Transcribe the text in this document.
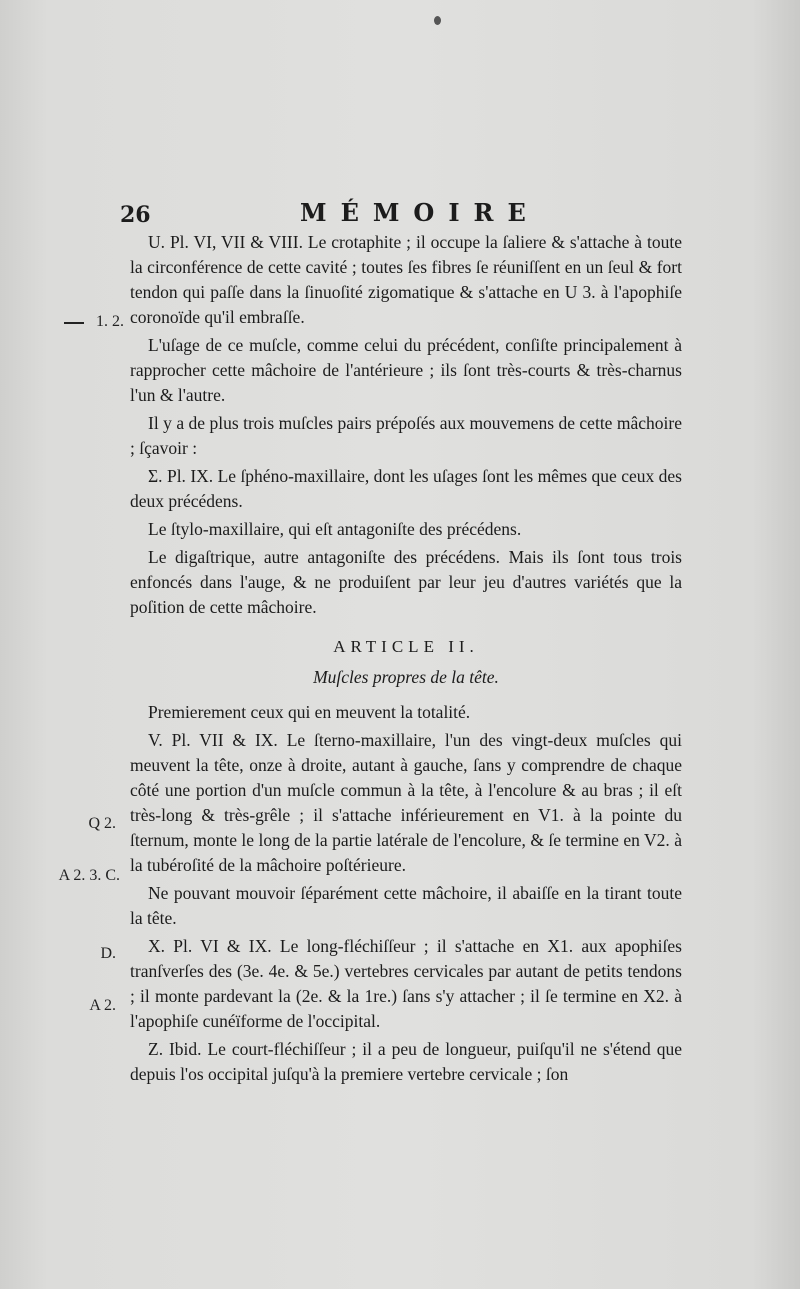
26	MÉMOIRE
1. 2.
Q 2.
A 2. 3. C.
D.
A 2.

U. Pl. VI, VII & VIII. Le crotaphite ; il occupe la ſaliere & s'attache à toute la circonférence de cette cavité ; toutes ſes fibres ſe réuniſſent en un ſeul & fort tendon qui paſſe dans la ſinuoſité zigomatique & s'attache en U 3. à l'apophiſe coronoïde qu'il embraſſe.

L'uſage de ce muſcle, comme celui du précédent, conſiſte principalement à rapprocher cette mâchoire de l'antérieure ; ils ſont très-courts & très-charnus l'un & l'autre.

Il y a de plus trois muſcles pairs prépoſés aux mouvemens de cette mâchoire ; ſçavoir :

Σ. Pl. IX. Le ſphéno-maxillaire, dont les uſages ſont les mêmes que ceux des deux précédens.

Le ſtylo-maxillaire, qui eſt antagoniſte des précédens.

Le digaſtrique, autre antagoniſte des précédens. Mais ils ſont tous trois enfoncés dans l'auge, & ne produiſent par leur jeu d'autres variétés que la poſition de cette mâchoire.

ARTICLE II.

Muſcles propres de la tête.

Premierement ceux qui en meuvent la totalité.

V. Pl. VII & IX. Le ſterno-maxillaire, l'un des vingt-deux muſcles qui meuvent la tête, onze à droite, autant à gauche, ſans y comprendre de chaque côté une portion d'un muſcle commun à la tête, à l'encolure & au bras ; il eſt très-long & très-grêle ; il s'attache inférieurement en V1. à la pointe du ſternum, monte le long de la partie latérale de l'encolure, & ſe termine en V2. à la tubéroſité de la mâchoire poſtérieure.

Ne pouvant mouvoir ſéparément cette mâchoire, il abaiſſe en la tirant toute la tête.

X. Pl. VI & IX. Le long-fléchiſſeur ; il s'attache en X1. aux apophiſes tranſverſes des (3e. 4e. & 5e.) vertebres cervicales par autant de petits tendons ; il monte pardevant la (2e. & la 1re.) ſans s'y attacher ; il ſe termine en X2. à l'apophiſe cunéïforme de l'occipital.

Z. Ibid. Le court-fléchiſſeur ; il a peu de longueur, puiſqu'il ne s'étend que depuis l'os occipital juſqu'à la premiere vertebre cervicale ; ſon
